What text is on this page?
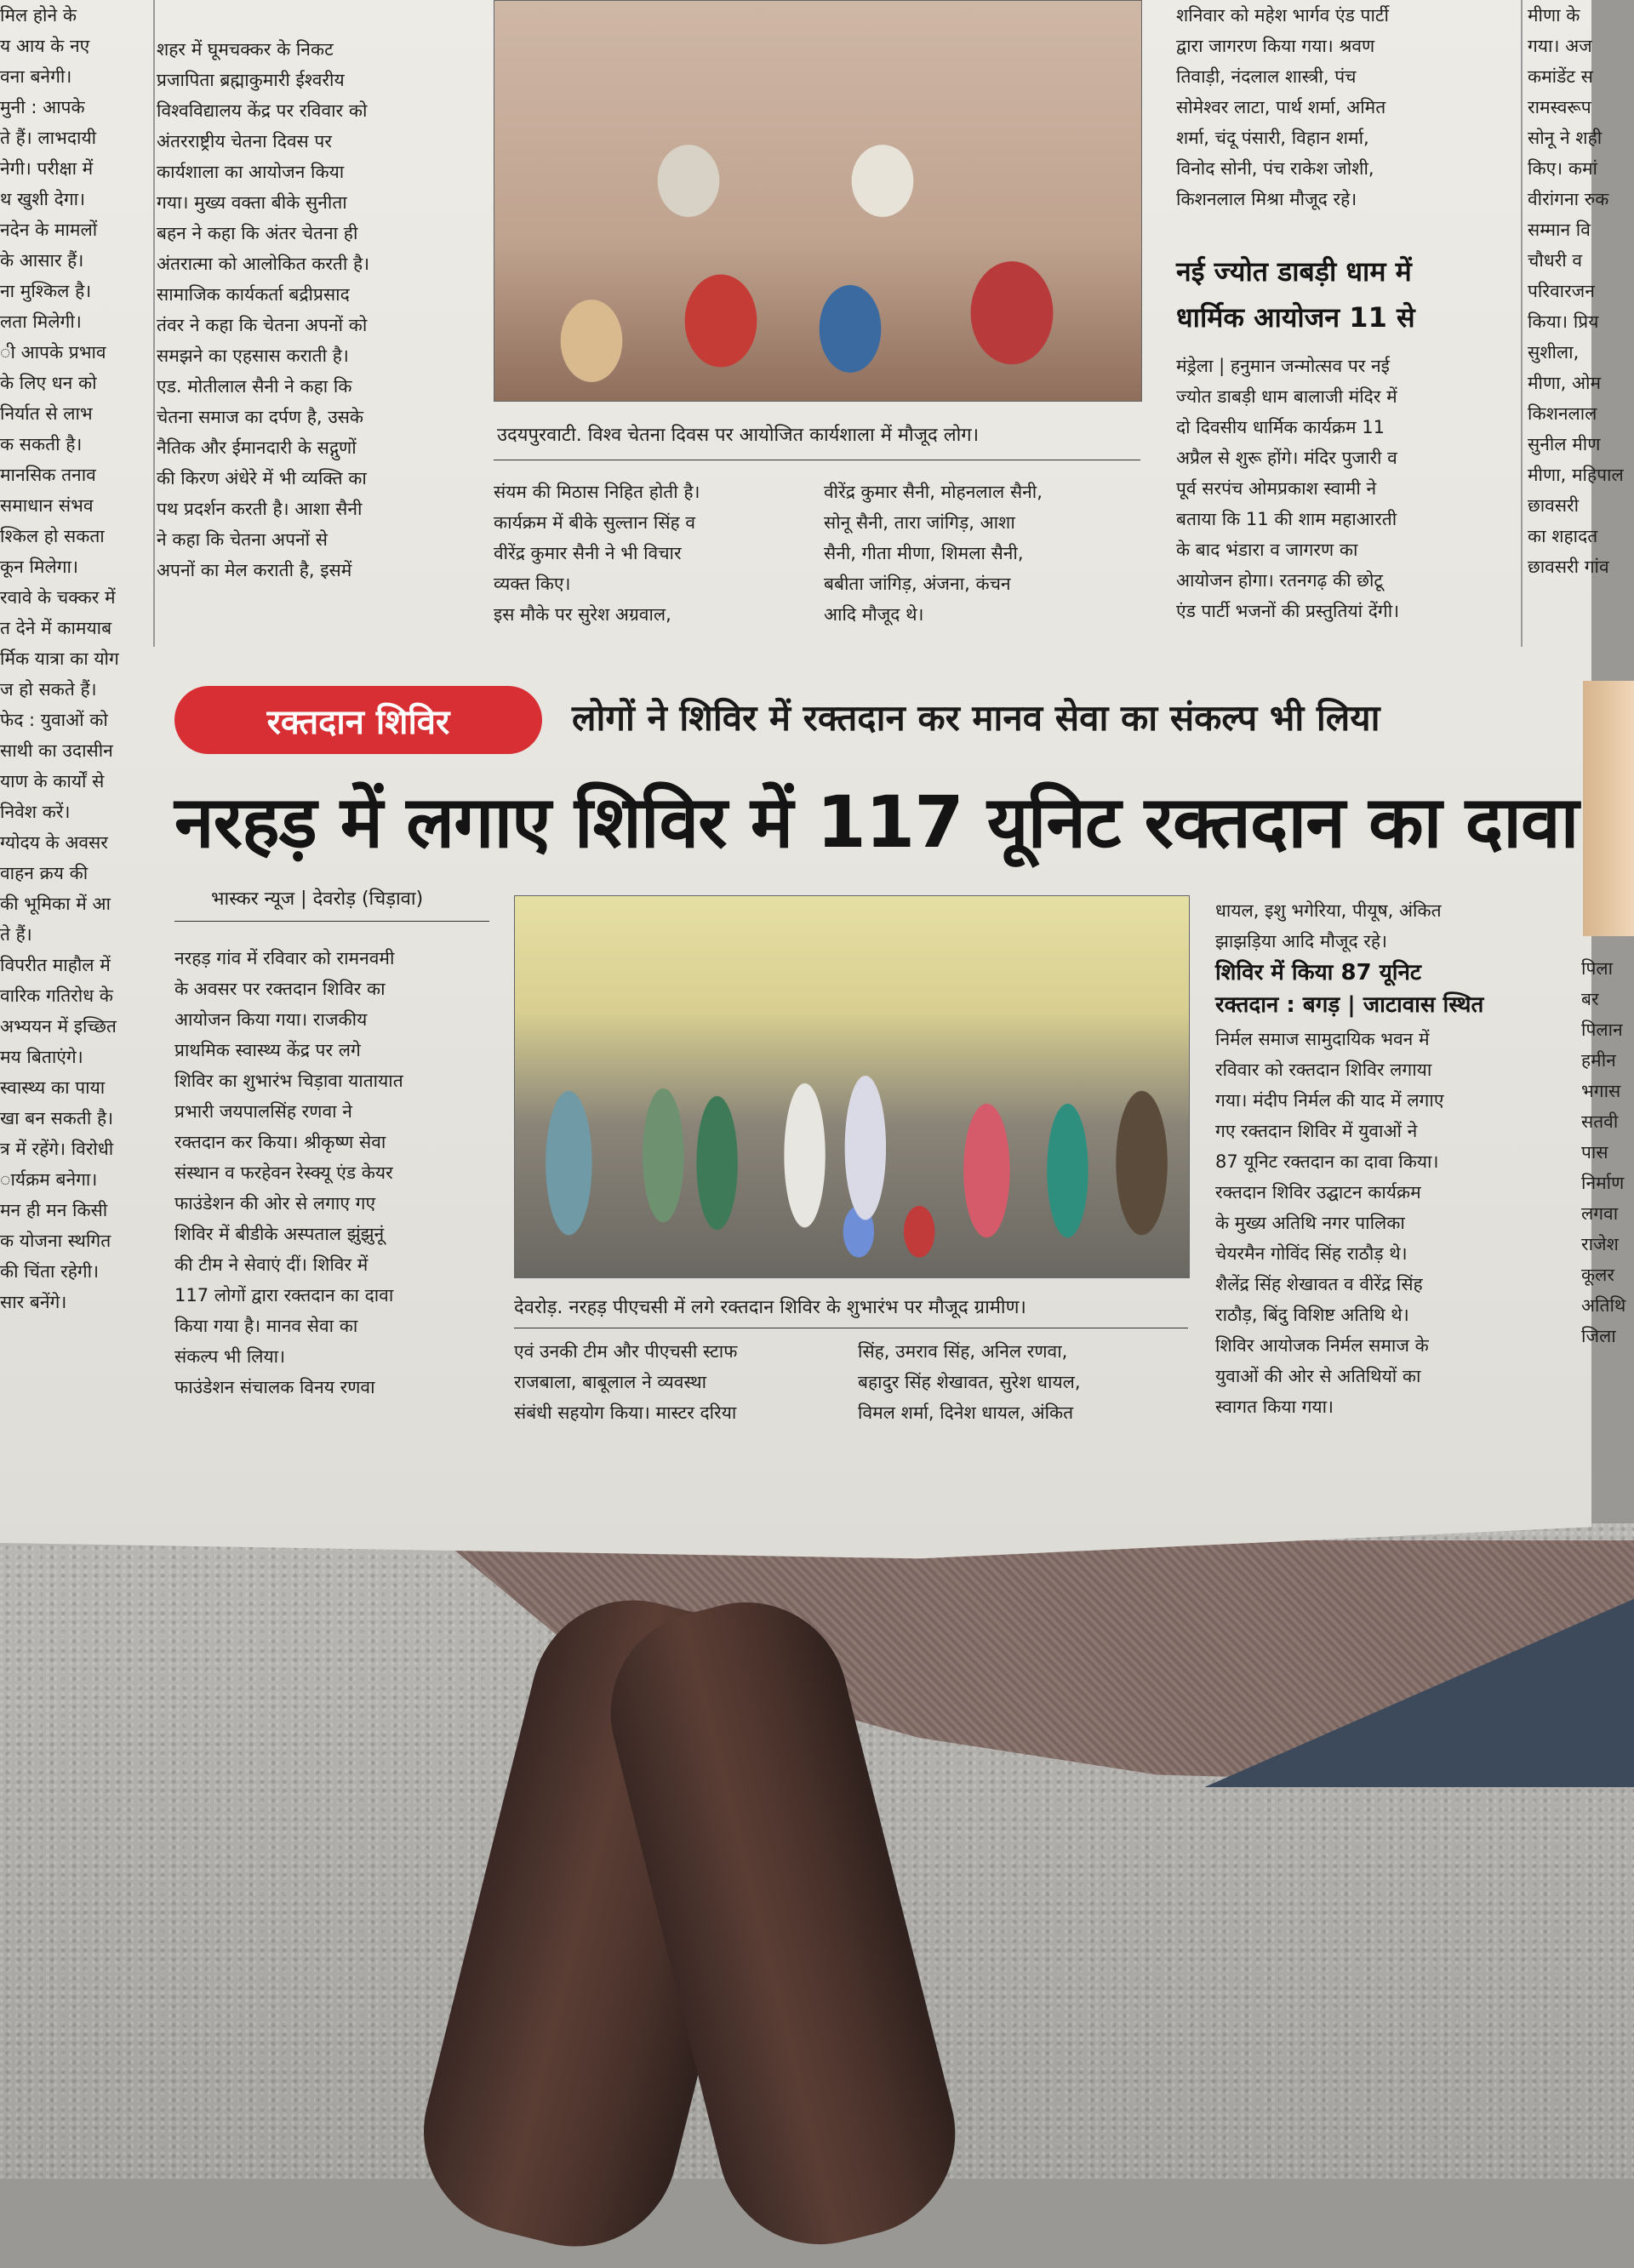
मिल होने के

य आय के नए

वना बनेगी।

मुनी : आपके

ते हैं। लाभदायी

नेगी। परीक्षा में

थ खुशी देगा।

नदेन के मामलों

के आसार हैं।

ना मुश्किल है।

लता मिलेगी।

ी आपके प्रभाव

के लिए धन को

निर्यात से लाभ

क सकती है।

मानसिक तनाव

समाधान संभव

श्किल हो सकता

कून मिलेगा।

रवावे के चक्कर में

त देने में कामयाब

र्मिक यात्रा का योग

ज हो सकते हैं।

फेद : युवाओं को

साथी का उदासीन

याण के कार्यों से

निवेश करें।

ग्योदय के अवसर

वाहन क्रय की

की भूमिका में आ

ते हैं।

विपरीत माहौल में

वारिक गतिरोध के

अभ्ययन में इच्छित

मय बिताएंगे।

स्वास्थ्य का पाया

खा बन सकती है।

त्र में रहेंगे। विरोधी

ार्यक्रम बनेगा।

मन ही मन किसी

क योजना स्थगित

की चिंता रहेगी।

सार बनेंगे।

शहर में घूमचक्कर के निकट

प्रजापिता ब्रह्माकुमारी ईश्वरीय

विश्वविद्यालय केंद्र पर रविवार को

अंतरराष्ट्रीय चेतना दिवस पर

कार्यशाला का आयोजन किया

गया। मुख्य वक्ता बीके सुनीता

बहन ने कहा कि अंतर चेतना ही

अंतरात्मा को आलोकित करती है।

सामाजिक कार्यकर्ता बद्रीप्रसाद

तंवर ने कहा कि चेतना अपनों को

समझने का एहसास कराती है।

एड. मोतीलाल सैनी ने कहा कि

चेतना समाज का दर्पण है, उसके

नैतिक और ईमानदारी के सद्गुणों

की किरण अंधेरे में भी व्यक्ति का

पथ प्रदर्शन करती है। आशा सैनी

ने कहा कि चेतना अपनों से

अपनों का मेल कराती है, इसमें

उदयपुरवाटी. विश्व चेतना दिवस पर आयोजित कार्यशाला में मौजूद लोग।

संयम की मिठास निहित होती है।

कार्यक्रम में बीके सुल्तान सिंह व

वीरेंद्र कुमार सैनी ने भी विचार

व्यक्त किए।

इस मौके पर सुरेश अग्रवाल,

वीरेंद्र कुमार सैनी, मोहनलाल सैनी,

सोनू सैनी, तारा जांगिड़, आशा

सैनी, गीता मीणा, शिमला सैनी,

बबीता जांगिड़, अंजना, कंचन

आदि मौजूद थे।

शनिवार को महेश भार्गव एंड पार्टी

द्वारा जागरण किया गया। श्रवण

तिवाड़ी, नंदलाल शास्त्री, पंच

सोमेश्वर लाटा, पार्थ शर्मा, अमित

शर्मा, चंदू पंसारी, विहान शर्मा,

विनोद सोनी, पंच राकेश जोशी,

किशनलाल मिश्रा मौजूद रहे।

नई ज्योत डाबड़ी धाम में
धार्मिक आयोजन 11 से

मंड्रेला | हनुमान जन्मोत्सव पर नई

ज्योत डाबड़ी धाम बालाजी मंदिर में

दो दिवसीय धार्मिक कार्यक्रम 11

अप्रैल से शुरू होंगे। मंदिर पुजारी व

पूर्व सरपंच ओमप्रकाश स्वामी ने

बताया कि 11 की शाम महाआरती

के बाद भंडारा व जागरण का

आयोजन होगा। रतनगढ़ की छोटू

एंड पार्टी भजनों की प्रस्तुतियां देंगी।

मीणा के

गया। अज

कमांडेंट स

रामस्वरूप

सोनू ने शही

किए। कमां

वीरांगना रुक

सम्मान वि

चौधरी व

परिवारजन

किया। प्रिय

सुशीला,

मीणा, ओम

किशनलाल

सुनील मीण

मीणा, महिपाल

छावसरी

का शहादत

छावसरी गांव

रक्तदान शिविर	लोगों ने शिविर में रक्तदान कर मानव सेवा का संकल्प भी लिया
नरहड़ में लगाए शिविर में 117 यूनिट रक्तदान का दावा
भास्कर न्यूज | देवरोड़ (चिड़ावा)

नरहड़ गांव में रविवार को रामनवमी

के अवसर पर रक्तदान शिविर का

आयोजन किया गया। राजकीय

प्राथमिक स्वास्थ्य केंद्र पर लगे

शिविर का शुभारंभ चिड़ावा यातायात

प्रभारी जयपालसिंह रणवा ने

रक्तदान कर किया। श्रीकृष्ण सेवा

संस्थान व फरहेवन रेस्क्यू एंड केयर

फाउंडेशन की ओर से लगाए गए

शिविर में बीडीके अस्पताल झुंझुनूं

की टीम ने सेवाएं दीं। शिविर में

117 लोगों द्वारा रक्तदान का दावा

किया गया है। मानव सेवा का

संकल्प भी लिया।

फाउंडेशन संचालक विनय रणवा

देवरोड़. नरहड़ पीएचसी में लगे रक्तदान शिविर के शुभारंभ पर मौजूद ग्रामीण।

एवं उनकी टीम और पीएचसी स्टाफ

राजबाला, बाबूलाल ने व्यवस्था

संबंधी सहयोग किया। मास्टर दरिया

सिंह, उमराव सिंह, अनिल रणवा,

बहादुर सिंह शेखावत, सुरेश धायल,

विमल शर्मा, दिनेश धायल, अंकित

धायल, इशु भगेरिया, पीयूष, अंकित

झाझड़िया आदि मौजूद रहे।

शिविर में किया 87 यूनिट
रक्तदान : बगड़ | जाटावास स्थित

निर्मल समाज सामुदायिक भवन में

रविवार को रक्तदान शिविर लगाया

गया। मंदीप निर्मल की याद में लगाए

गए रक्तदान शिविर में युवाओं ने

87 यूनिट रक्तदान का दावा किया।

रक्तदान शिविर उद्घाटन कार्यक्रम

के मुख्य अतिथि नगर पालिका

चेयरमैन गोविंद सिंह राठौड़ थे।

शैलेंद्र सिंह शेखावत व वीरेंद्र सिंह

राठौड़, बिंदु विशिष्ट अतिथि थे।

शिविर आयोजक निर्मल समाज के

युवाओं की ओर से अतिथियों का

स्वागत किया गया।

पिला

बर

पिलान

हमीन

भगास

सतवी

पास

निर्माण

लगवा

राजेश

कूलर

अतिथि

जिला
